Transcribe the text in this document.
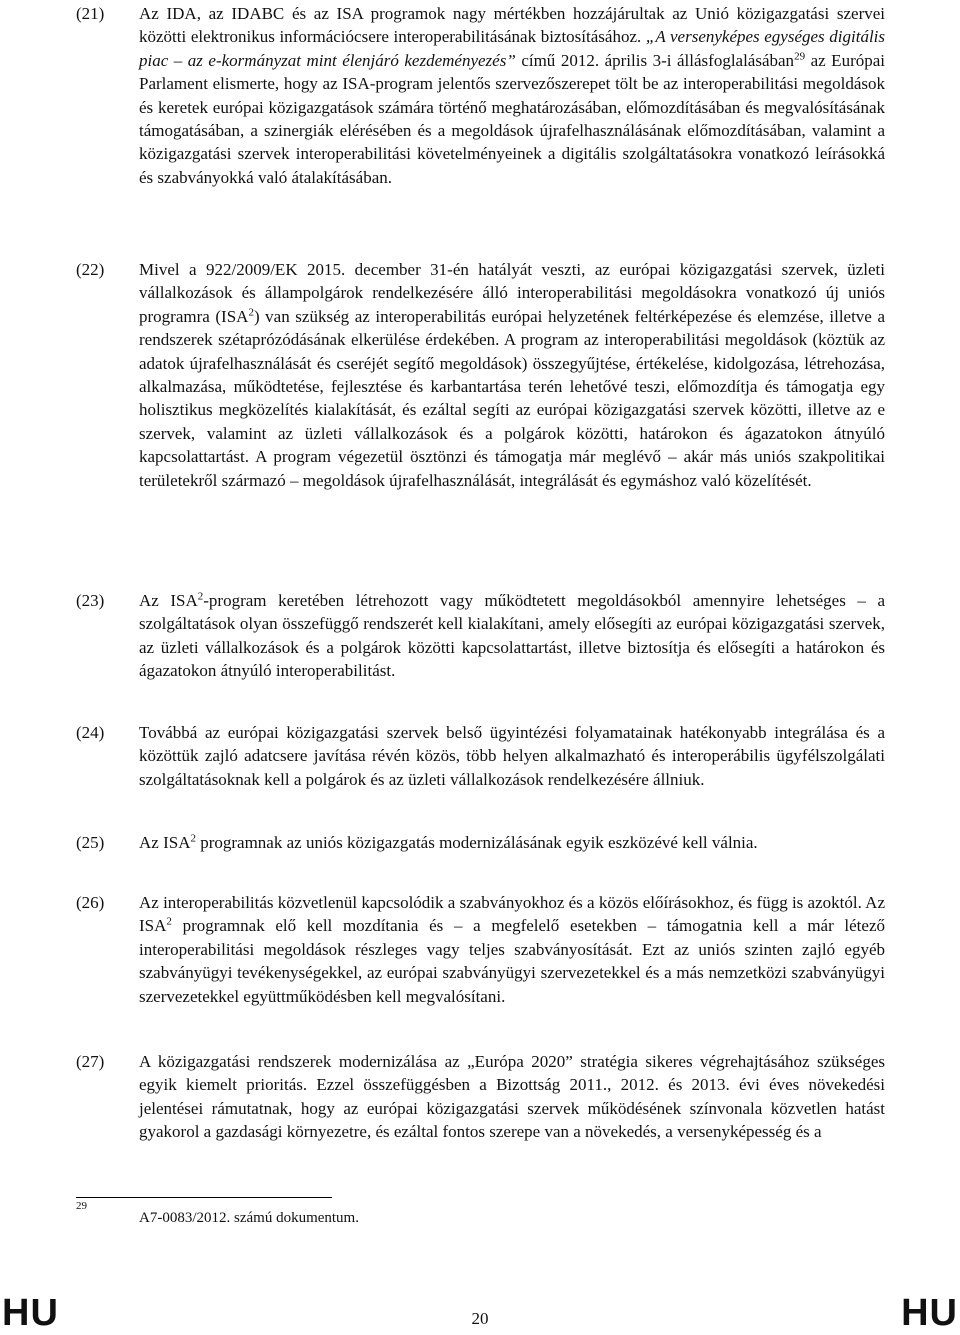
(21) Az IDA, az IDABC és az ISA programok nagy mértékben hozzájárultak az Unió közigazgatási szervei közötti elektronikus információcsere interoperabilitásának biztosításához. „A versenyképes egységes digitális piac – az e-kormányzat mint élenjáró kezdeményezés” című 2012. április 3-i állásfoglalásában$^{29}$ az Európai Parlament elismerte, hogy az ISA-program jelentős szervezőszerepet tölt be az interoperabilitási megoldások és keretek európai közigazgatások számára történő meghatározásában, előmozdításában és megvalósításának támogatásában, a szinergiák elérésében és a megoldások újrafelhasználásának előmozdításában, valamint a közigazgatási szervek interoperabilitási követelményeinek a digitális szolgáltatásokra vonatkozó leírásokká és szabványokká való átalakításában.
(22) Mivel a 922/2009/EK 2015. december 31-én hatályát veszti, az európai közigazgatási szervek, üzleti vállalkozások és állampolgárok rendelkezésére álló interoperabilitási megoldásokra vonatkozó új uniós programra (ISA$^2$) van szükség az interoperabilitás európai helyzetének feltérképezése és elemzése, illetve a rendszerek szétaprózódásának elkerülése érdekében. A program az interoperabilitási megoldások (köztük az adatok újrafelhasználását és cseréjét segítő megoldások) összegyűjtése, értékelése, kidolgozása, létrehozása, alkalmazása, működtetése, fejlesztése és karbantartása terén lehetővé teszi, előmozdítja és támogatja egy holisztikus megközelítés kialakítását, és ezáltal segíti az európai közigazgatási szervek közötti, illetve az e szervek, valamint az üzleti vállalkozások és a polgárok közötti, határokon és ágazatokon átnyúló kapcsolattartást. A program végezetül ösztönzi és támogatja már meglévő – akár más uniós szakpolitikai területekről származó – megoldások újrafelhasználását, integrálását és egymáshoz való közelítését.
(23) Az ISA$^2$-program keretében létrehozott vagy működtetett megoldásokból amennyire lehetséges – a szolgáltatások olyan összefüggő rendszerét kell kialakítani, amely elősegíti az európai közigazgatási szervek, az üzleti vállalkozások és a polgárok közötti kapcsolattartást, illetve biztosítja és elősegíti a határokon és ágazatokon átnyúló interoperabilitást.
(24) Továbbá az európai közigazgatási szervek belső ügyintézési folyamatainak hatékonyabb integrálása és a közöttük zajló adatcsere javítása révén közös, több helyen alkalmazható és interoperábilis ügyfélszolgálati szolgáltatásoknak kell a polgárok és az üzleti vállalkozások rendelkezésére állniuk.
(25) Az ISA$^2$ programnak az uniós közigazgatás modernizálásának egyik eszközévé kell válnia.
(26) Az interoperabilitás közvetlenül kapcsolódik a szabványokhoz és a közös előírásokhoz, és függ is azoktól. Az ISA$^2$ programnak elő kell mozdítania és – a megfelelő esetekben – támogatnia kell a már létező interoperabilitási megoldások részleges vagy teljes szabványosítását. Ezt az uniós szinten zajló egyéb szabványügyi tevékenységekkel, az európai szabványügyi szervezetekkel és a más nemzetközi szabványügyi szervezetekkel együttműködésben kell megvalósítani.
(27) A közigazgatási rendszerek modernizálása az „Európa 2020” stratégia sikeres végrehajtásához szükséges egyik kiemelt prioritás. Ezzel összefüggésben a Bizottság 2011., 2012. és 2013. évi éves növekedési jelentései rámutatnak, hogy az európai közigazgatási szervek működésének színvonala közvetlen hatást gyakorol a gazdasági környezetre, és ezáltal fontos szerepe van a növekedés, a versenyképesség és a
29
A7-0083/2012. számú dokumentum.
HU	20	HU
